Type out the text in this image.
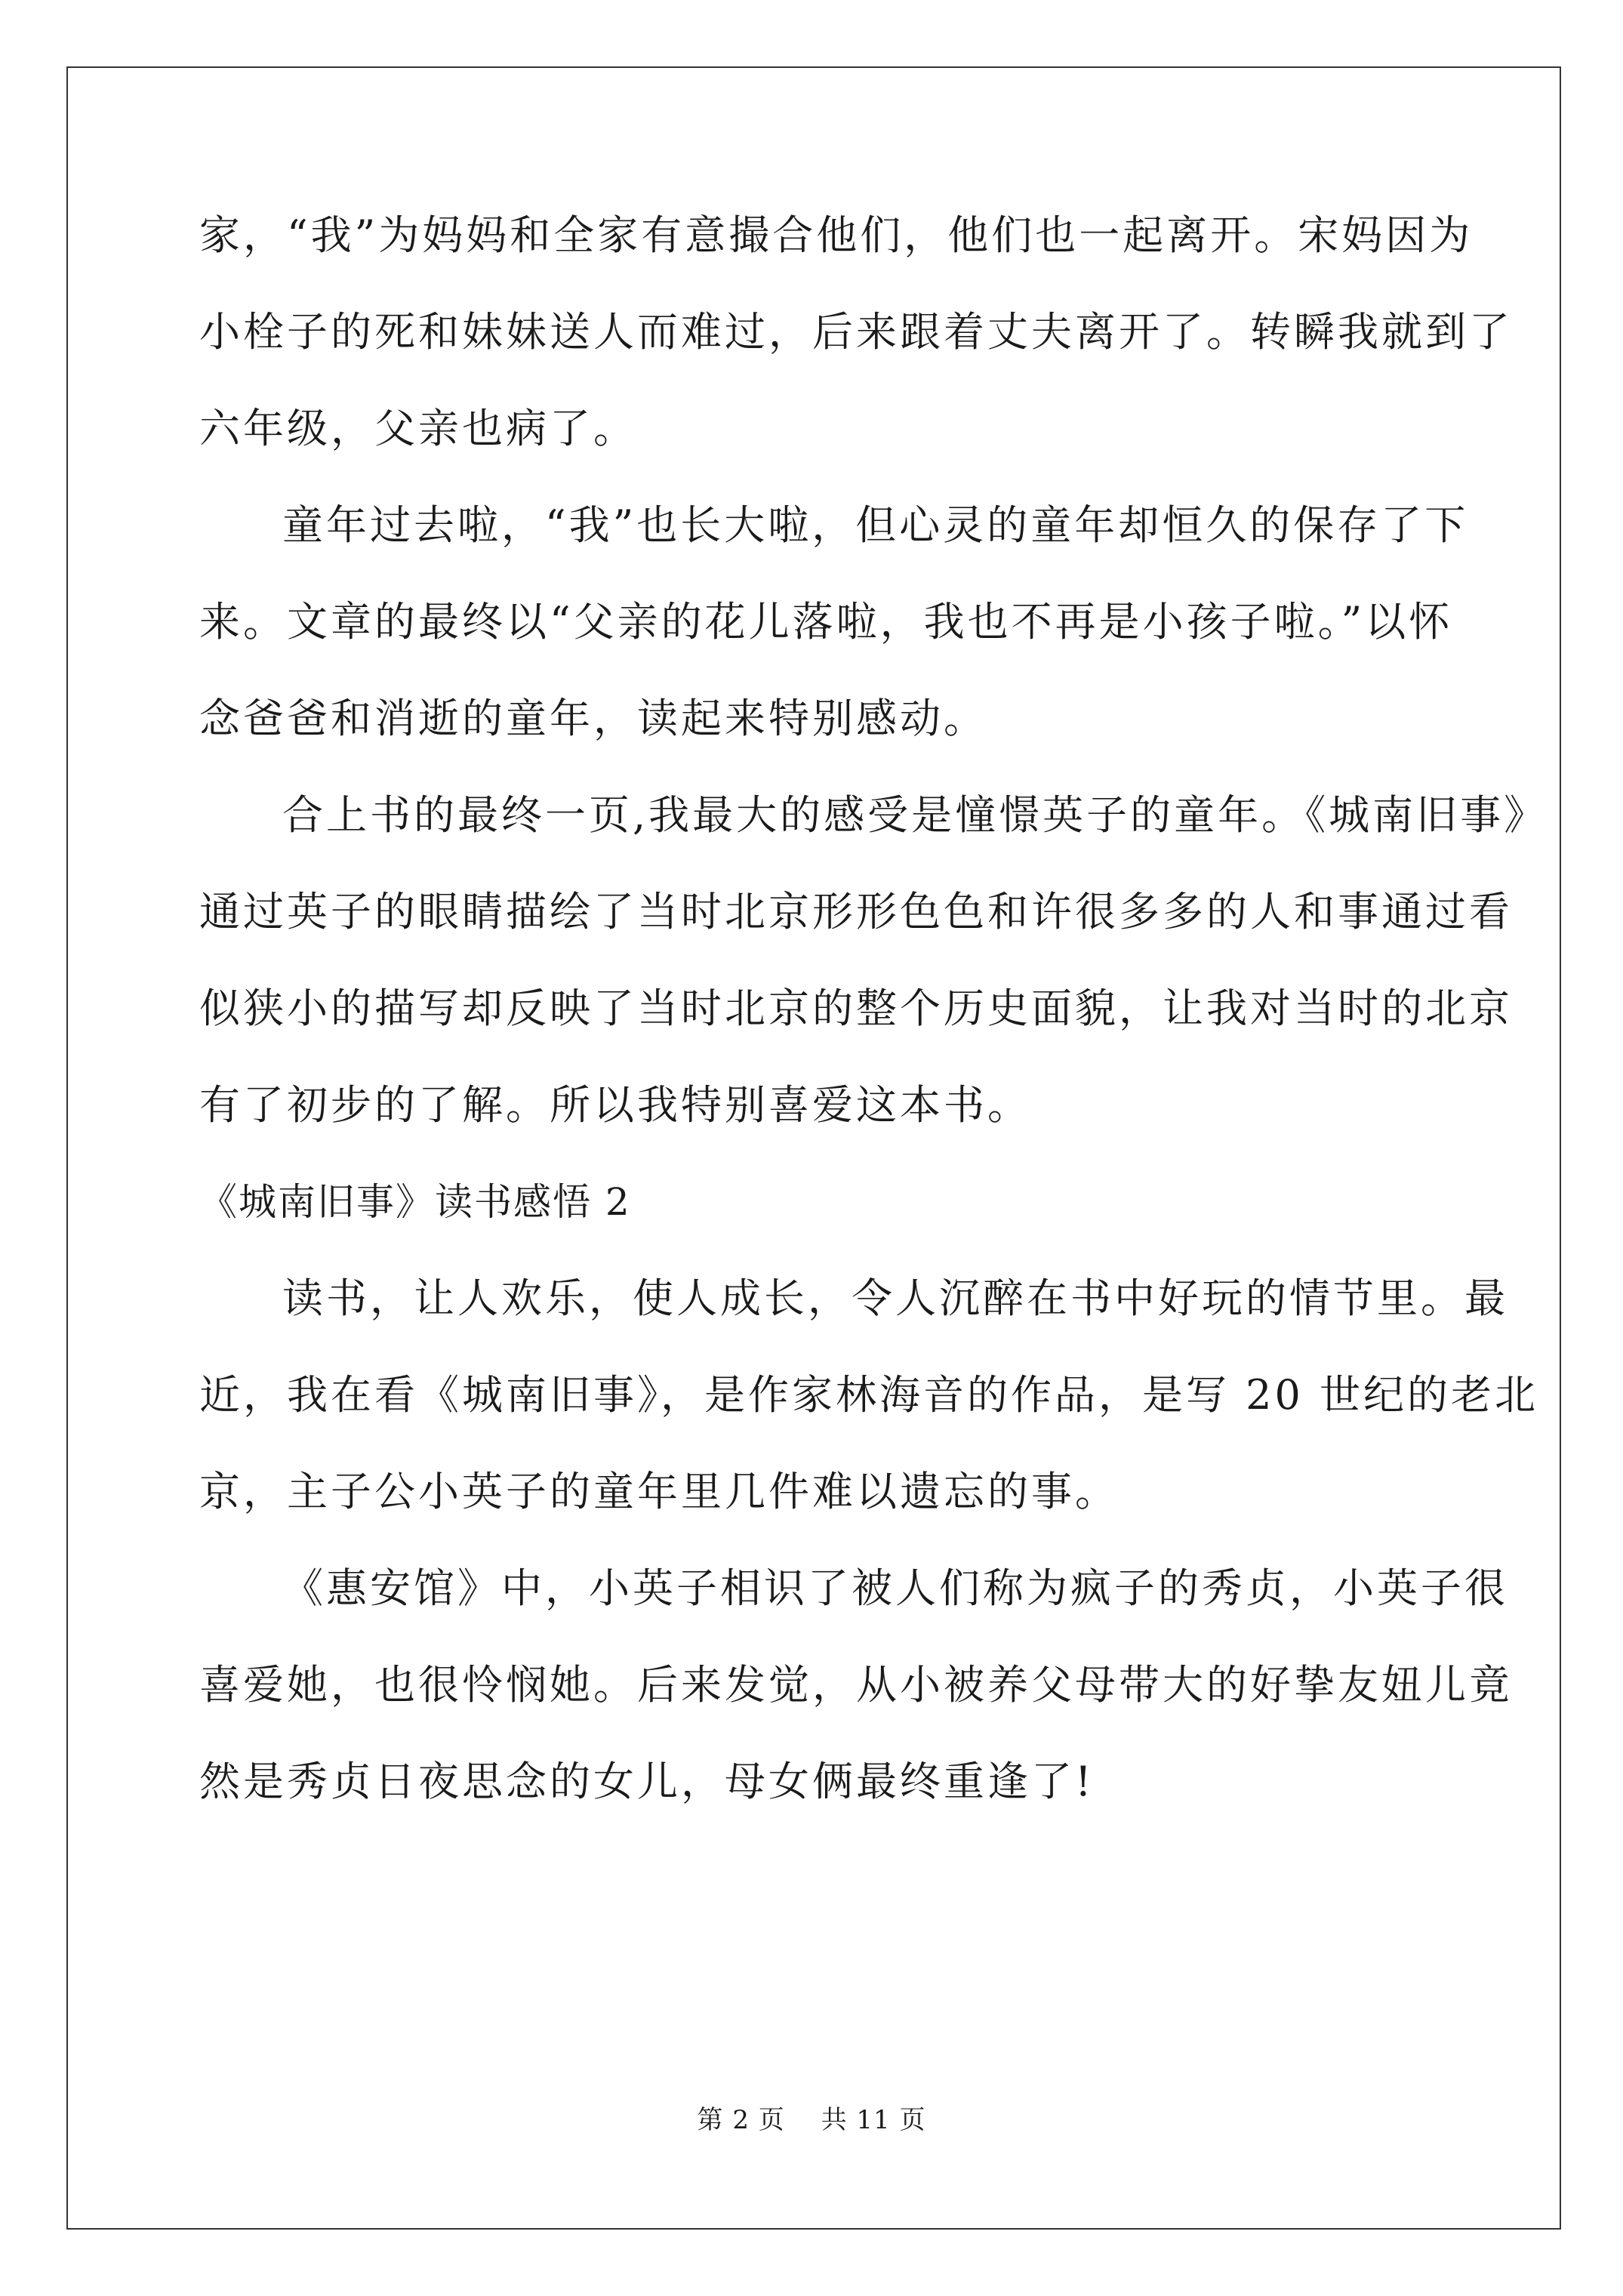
家，“我”为妈妈和全家有意撮合他们，他们也一起离开。宋妈因为
小栓子的死和妹妹送人而难过，后来跟着丈夫离开了。转瞬我就到了
六年级，父亲也病了。
童年过去啦，“我”也长大啦，但心灵的童年却恒久的保存了下
来。文章的最终以“父亲的花儿落啦，我也不再是小孩子啦。”以怀
念爸爸和消逝的童年，读起来特别感动。
合上书的最终一页,我最大的感受是憧憬英子的童年。《城南旧事》
通过英子的眼睛描绘了当时北京形形色色和许很多多的人和事通过看
似狭小的描写却反映了当时北京的整个历史面貌，让我对当时的北京
有了初步的了解。所以我特别喜爱这本书。
《城南旧事》读书感悟 2
读书，让人欢乐，使人成长，令人沉醉在书中好玩的情节里。最
近，我在看《城南旧事》，是作家林海音的作品，是写 20 世纪的老北
京，主子公小英子的童年里几件难以遗忘的事。
《惠安馆》中，小英子相识了被人们称为疯子的秀贞，小英子很
喜爱她，也很怜悯她。后来发觉，从小被养父母带大的好挚友妞儿竟
然是秀贞日夜思念的女儿，母女俩最终重逢了!
第 2 页 共 11 页
